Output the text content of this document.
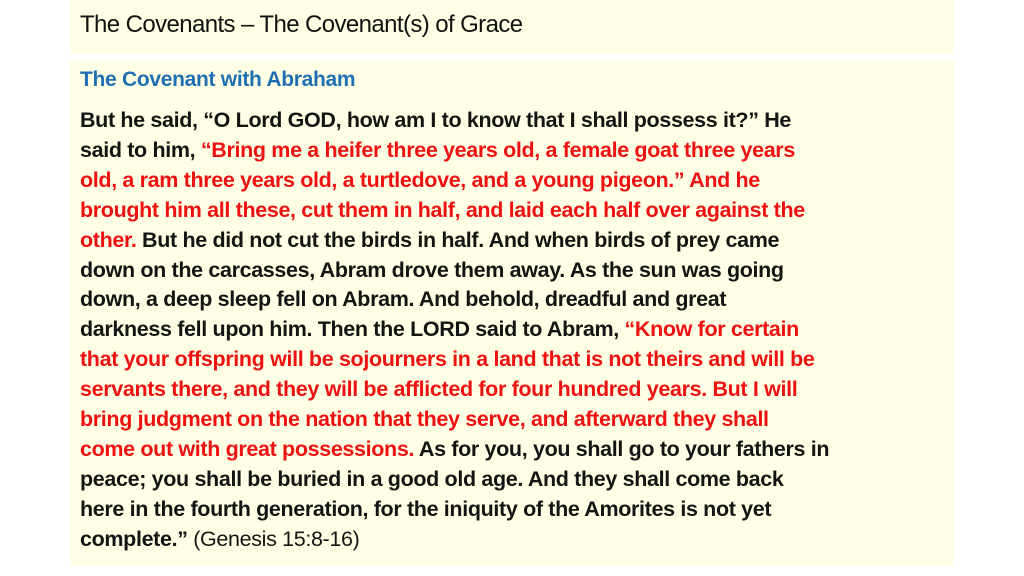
The Covenants – The Covenant(s) of Grace
The Covenant with Abraham
But he said, “O Lord GOD, how am I to know that I shall possess it?” He
said to him, “Bring me a heifer three years old, a female goat three years
old, a ram three years old, a turtledove, and a young pigeon.” And he
brought him all these, cut them in half, and laid each half over against the
other. But he did not cut the birds in half. And when birds of prey came
down on the carcasses, Abram drove them away. As the sun was going
down, a deep sleep fell on Abram. And behold, dreadful and great
darkness fell upon him. Then the LORD said to Abram, “Know for certain
that your offspring will be sojourners in a land that is not theirs and will be
servants there, and they will be afflicted for four hundred years. But I will
bring judgment on the nation that they serve, and afterward they shall
come out with great possessions. As for you, you shall go to your fathers in
peace; you shall be buried in a good old age. And they shall come back
here in the fourth generation, for the iniquity of the Amorites is not yet
complete.” (Genesis 15:8-16)
